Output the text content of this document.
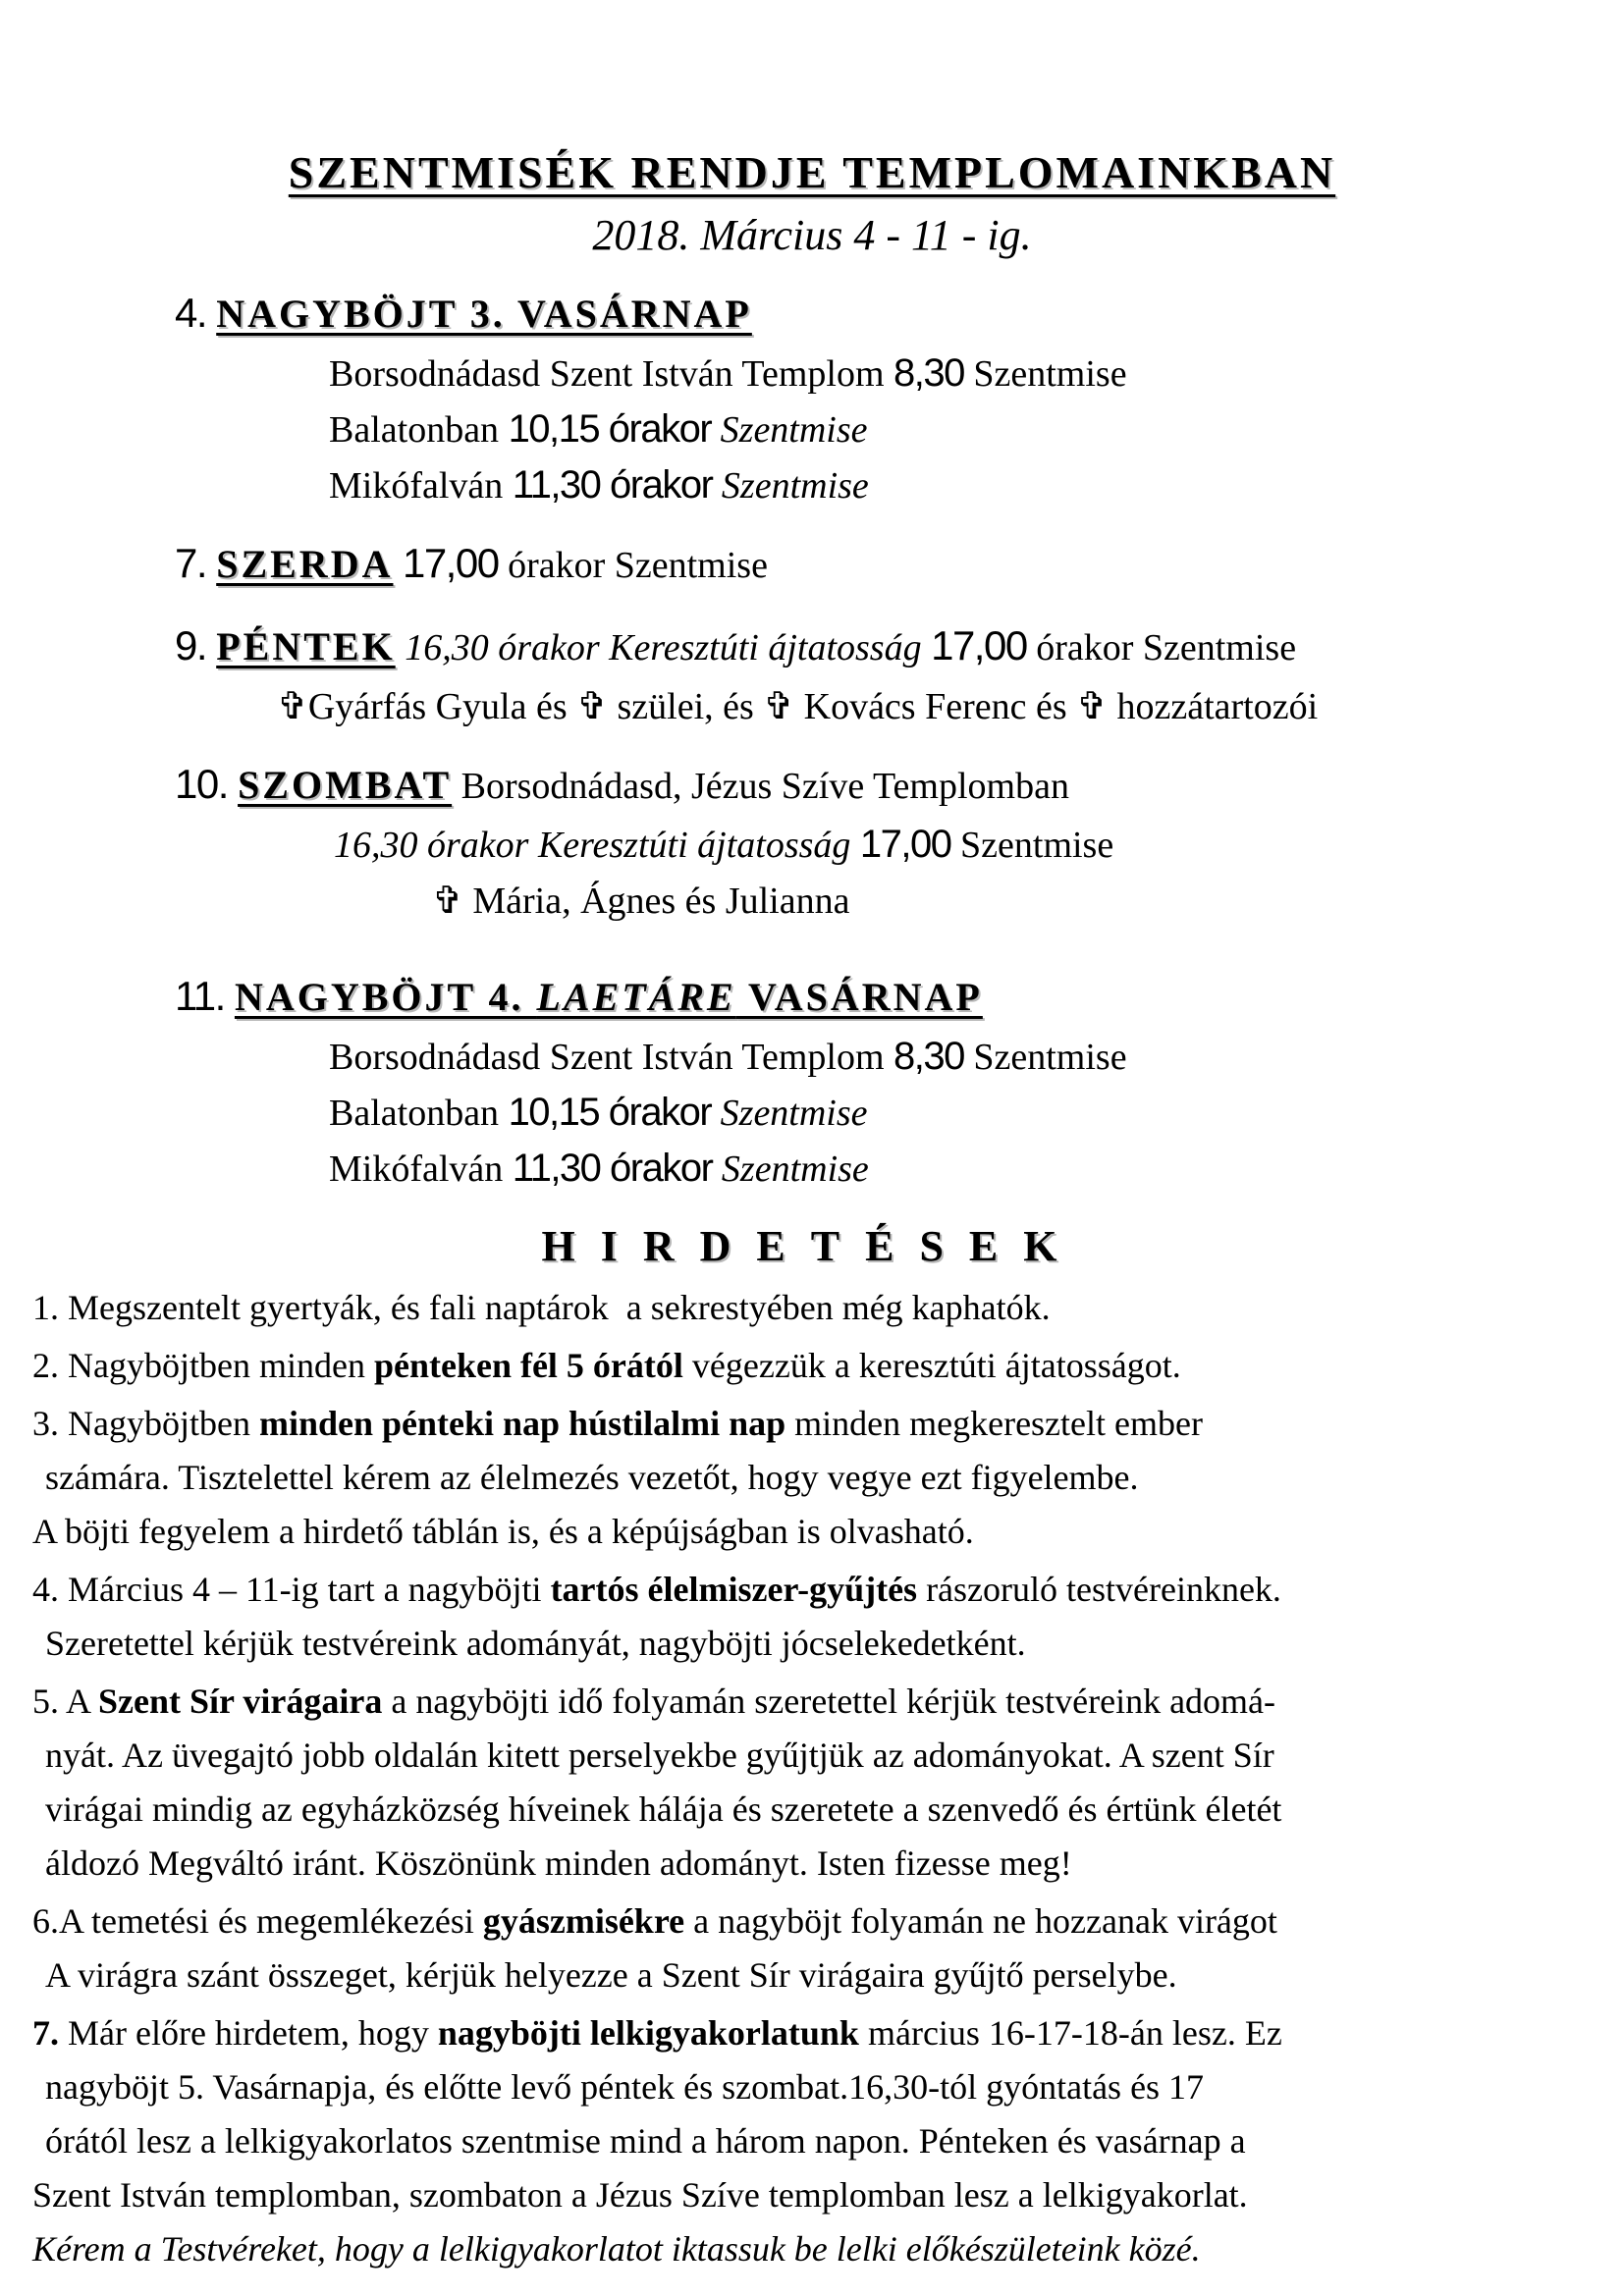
SZENTMISÉK RENDJE TEMPLOMAINKBAN
2018. Március 4 - 11 - ig.
4. NAGYBÖJT 3. VASÁRNAP
Borsodnádasd Szent István Templom 8,30 Szentmise
Balatonban 10,15 órakor Szentmise
Mikófalván 11,30 órakor Szentmise
7. SZERDA 17,00 órakor Szentmise
9. PÉNTEK 16,30 órakor Keresztúti ájtatosság 17,00 órakor Szentmise
✞Gyárfás Gyula és ✞ szülei, és ✞ Kovács Ferenc és ✞ hozzátartozói
10. SZOMBAT Borsodnádasd, Jézus Szíve Templomban
16,30 órakor Keresztúti ájtatosság 17,00 Szentmise
✞ Mária, Ágnes és Julianna
11. NAGYBÖJT 4. LAETÁRE VASÁRNAP
Borsodnádasd Szent István Templom 8,30 Szentmise
Balatonban 10,15 órakor Szentmise
Mikófalván 11,30 órakor Szentmise
HIRDETÉSEK
1. Megszentelt gyertyák, és fali naptárok  a sekrestyében még kaphatók.
2. Nagyböjtben minden pénteken fél 5 órától végezzük a keresztúti ájtatosságot.
3. Nagyböjtben minden pénteki nap hústilalmi nap minden megkeresztelt ember
számára. Tisztelettel kérem az élelmezés vezetőt, hogy vegye ezt figyelembe.
A böjti fegyelem a hirdető táblán is, és a képújságban is olvasható.
4. Március 4 – 11-ig tart a nagyböjti tartós élelmiszer-gyűjtés rászoruló testvéreinknek.
Szeretettel kérjük testvéreink adományát, nagyböjti jócselekedetként.
5. A Szent Sír virágaira a nagyböjti idő folyamán szeretettel kérjük testvéreink adomá-
nyát. Az üvegajtó jobb oldalán kitett perselyekbe gyűjtjük az adományokat. A szent Sír
virágai mindig az egyházközség híveinek hálája és szeretete a szenvedő és értünk életét
áldozó Megváltó iránt. Köszönünk minden adományt. Isten fizesse meg!
6.A temetési és megemlékezési gyászmisékre a nagyböjt folyamán ne hozzanak virágot
A virágra szánt összeget, kérjük helyezze a Szent Sír virágaira gyűjtő perselybe.
7. Már előre hirdetem, hogy nagyböjti lelkigyakorlatunk március 16-17-18-án lesz. Ez
nagyböjt 5. Vasárnapja, és előtte levő péntek és szombat.16,30-tól gyóntatás és 17
órától lesz a lelkigyakorlatos szentmise mind a három napon. Pénteken és vasárnap a
Szent István templomban, szombaton a Jézus Szíve templomban lesz a lelkigyakorlat.
Kérem a Testvéreket, hogy a lelkigyakorlatot iktassuk be lelki előkészületeink közé.
